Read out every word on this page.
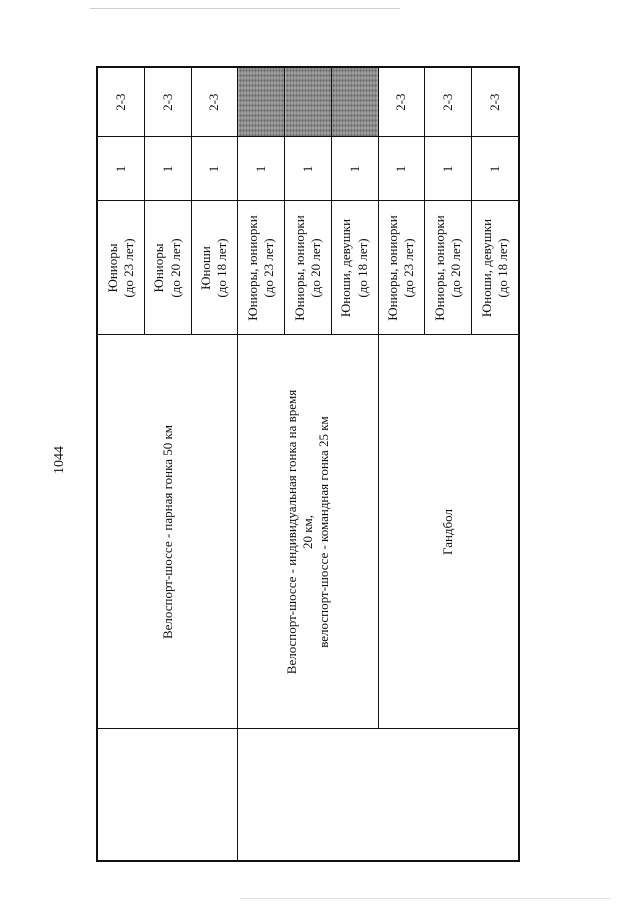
1044

	Велоспорт-шоссе - парная гонка 50 км	Юниоры (до 23 лет)	1	2-3

		Юниоры (до 20 лет)	1	2-3

		Юноши (до 18 лет)	1	2-3

	Велоспорт-шоссе - индивидуальная гонка на время 20 км, велоспорт-шоссе - командная гонка 25 км	Юниоры, юниорки (до 23 лет)	1	

		Юниоры, юниорки (до 20 лет)	1	

		Юноши, девушки (до 18 лет)	1	

	Гандбол	Юниоры, юниорки (до 23 лет)	1	2-3

		Юниоры, юниорки (до 20 лет)	1	2-3

		Юноши, девушки (до 18 лет)	1	2-3
